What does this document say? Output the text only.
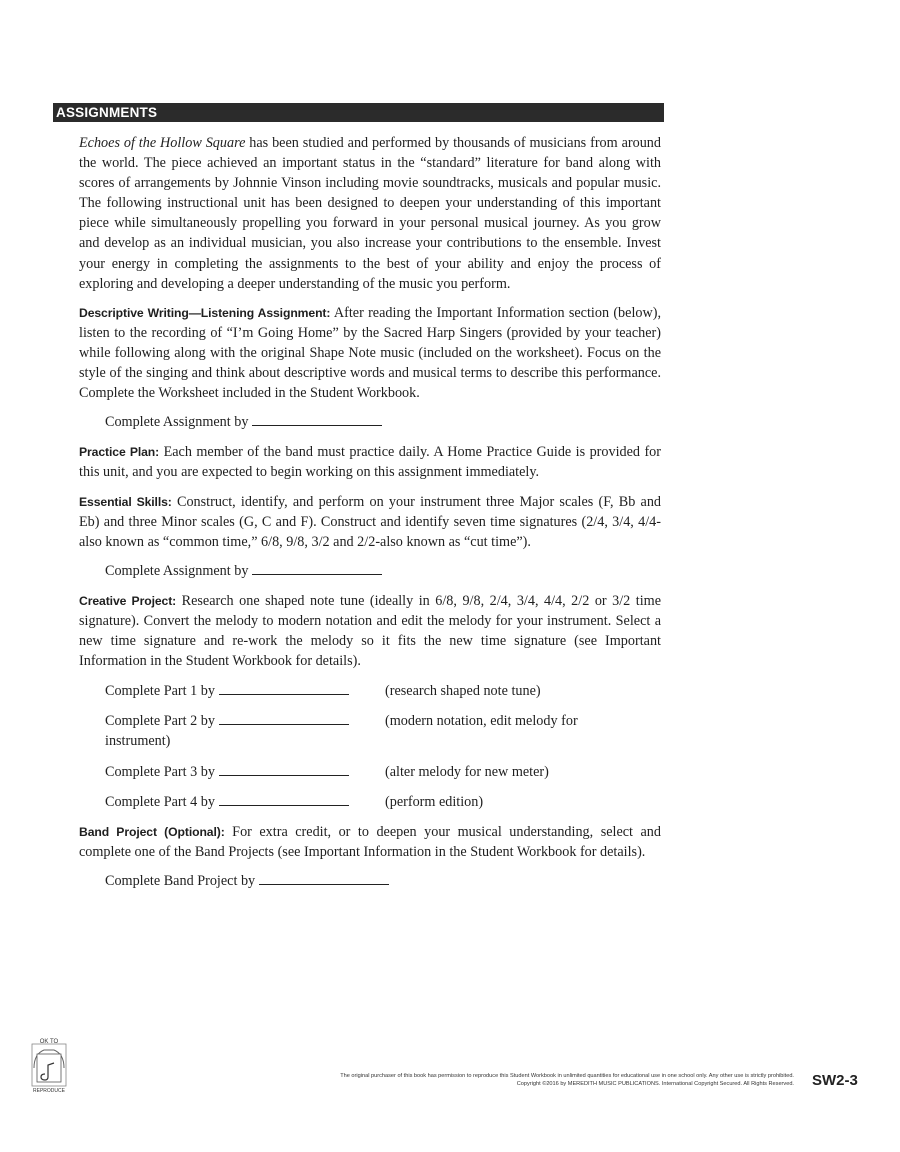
ASSIGNMENTS

Echoes of the Hollow Square has been studied and performed by thousands of musicians from around the world. The piece achieved an important status in the “standard” literature for band along with scores of arrangements by Johnnie Vinson including movie soundtracks, musicals and popular music. The following instructional unit has been designed to deepen your understanding of this important piece while simultaneously propelling you forward in your personal musical journey. As you grow and develop as an individual musician, you also increase your contributions to the ensemble. Invest your energy in completing the assignments to the best of your ability and enjoy the process of exploring and developing a deeper understanding of the music you perform.

Descriptive Writing—Listening Assignment: After reading the Important Information section (below), listen to the recording of “I’m Going Home” by the Sacred Harp Singers (provided by your teacher) while following along with the original Shape Note music (included on the worksheet). Focus on the style of the singing and think about descriptive words and musical terms to describe this performance. Complete the Worksheet included in the Student Workbook.

Complete Assignment by

Practice Plan: Each member of the band must practice daily. A Home Practice Guide is provided for this unit, and you are expected to begin working on this assignment immediately.

Essential Skills: Construct, identify, and perform on your instrument three Major scales (F, Bb and Eb) and three Minor scales (G, C and F). Construct and identify seven time signatures (2/4, 3/4, 4/4-also known as “common time,” 6/8, 9/8, 3/2 and 2/2-also known as “cut time”).

Complete Assignment by

Creative Project: Research one shaped note tune (ideally in 6/8, 9/8, 2/4, 3/4, 4/4, 2/2 or 3/2 time signature). Convert the melody to modern notation and edit the melody for your instrument. Select a new time signature and re-work the melody so it fits the new time signature (see Important Information in the Student Workbook for details).

Complete Part 1 by	(research shaped note tune)
Complete Part 2 by	(modern notation, edit melody for
instrument)
Complete Part 3 by	(alter melody for new meter)
Complete Part 4 by	(perform edition)

Band Project (Optional): For extra credit, or to deepen your musical understanding, select and complete one of the Band Projects (see Important Information in the Student Workbook for details).

Complete Band Project by
OK TO
REPRODUCE
The original purchaser of this book has permission to reproduce this Student Workbook in unlimited quantities for educational use in one school only. Any other use is strictly prohibited.
Copyright ©2016 by MEREDITH MUSIC PUBLICATIONS. International Copyright Secured. All Rights Reserved. SW2-3
